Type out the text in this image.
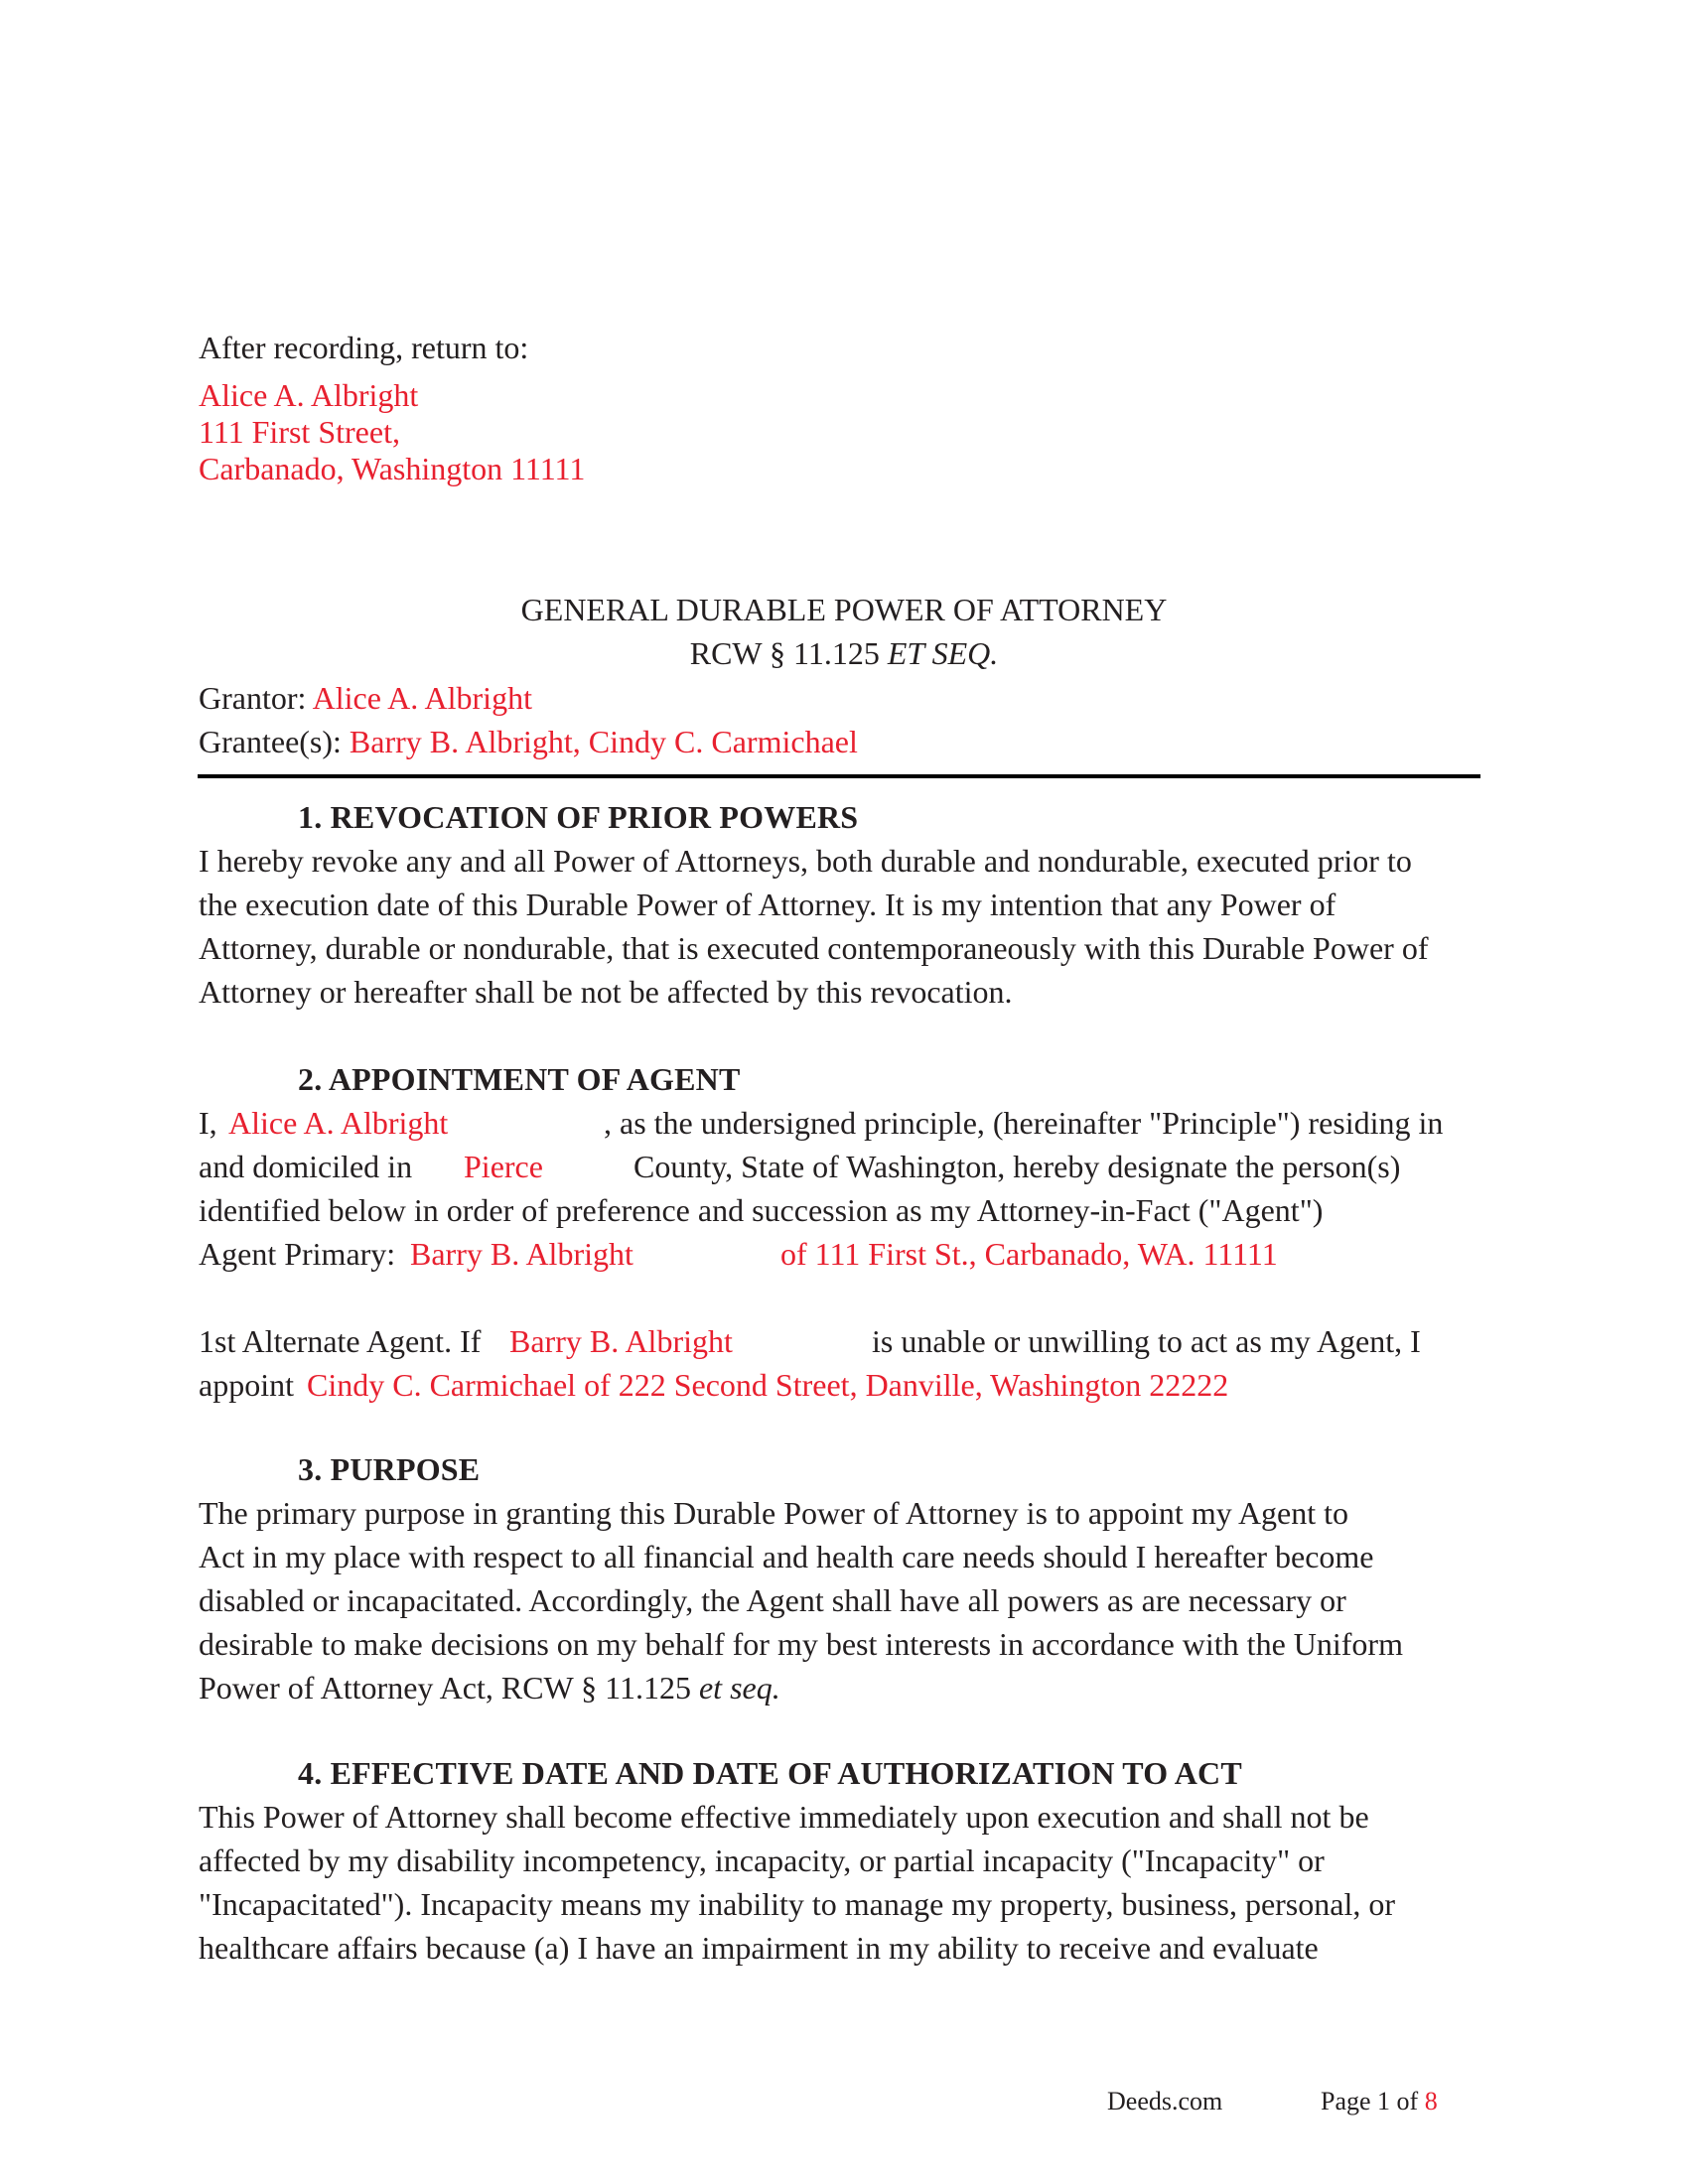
After recording, return to:
Alice A. Albright
111 First Street,
Carbanado, Washington 11111
GENERAL DURABLE POWER OF ATTORNEY
RCW § 11.125 ET SEQ.
Grantor: Alice A. Albright
Grantee(s): Barry B. Albright, Cindy C. Carmichael
1. REVOCATION OF PRIOR POWERS
I hereby revoke any and all Power of Attorneys, both durable and nondurable, executed prior to
the execution date of this Durable Power of Attorney. It is my intention that any Power of
Attorney, durable or nondurable, that is executed contemporaneously with this Durable Power of
Attorney or hereafter shall be not be affected by this revocation.
2. APPOINTMENT OF AGENT
I, Alice A. Albright	, as the undersigned principle, (hereinafter "Principle") residing in
and domiciled in Pierce	County, State of Washington, hereby designate the person(s)
identified below in order of preference and succession as my Attorney-in-Fact ("Agent")
Agent Primary: Barry B. Albright	of 111 First St., Carbanado, WA. 11111
1st Alternate Agent. If Barry B. Albright	is unable or unwilling to act as my Agent, I
appoint Cindy C. Carmichael of 222 Second Street, Danville, Washington 22222
3. PURPOSE
The primary purpose in granting this Durable Power of Attorney is to appoint my Agent to
Act in my place with respect to all financial and health care needs should I hereafter become
disabled or incapacitated. Accordingly, the Agent shall have all powers as are necessary or
desirable to make decisions on my behalf for my best interests in accordance with the Uniform
Power of Attorney Act, RCW § 11.125 et seq.
4. EFFECTIVE DATE AND DATE OF AUTHORIZATION TO ACT
This Power of Attorney shall become effective immediately upon execution and shall not be
affected by my disability incompetency, incapacity, or partial incapacity ("Incapacity" or
"Incapacitated"). Incapacity means my inability to manage my property, business, personal, or
healthcare affairs because (a) I have an impairment in my ability to receive and evaluate
Deeds.com	Page 1 of 8
